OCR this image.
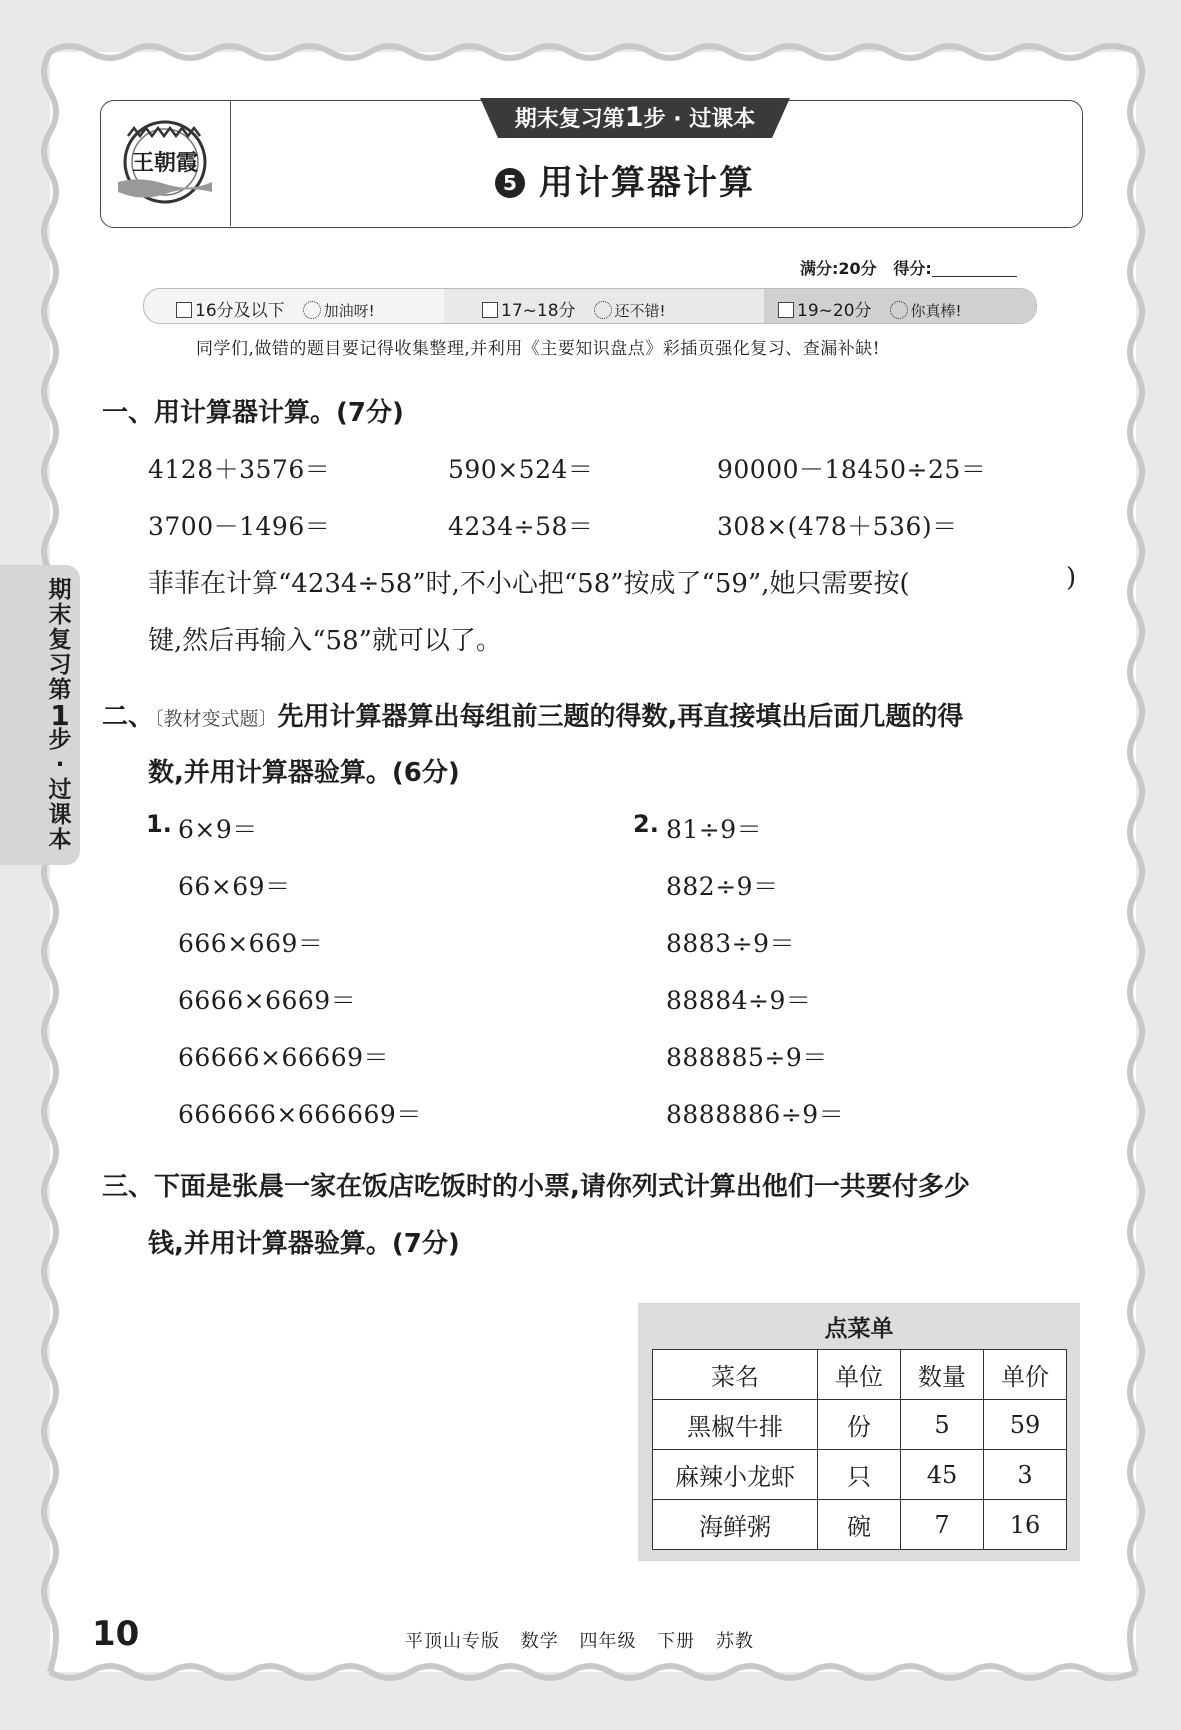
王朝霞
期末复习第1步 · 过课本
5 用计算器计算
满分:20分 得分:
16分及以下	加油呀!	17~18分	还不错!	19~20分	你真棒!
同学们,做错的题目要记得收集整理,并利用《主要知识盘点》彩插页强化复习、查漏补缺!
期
末
复
习
第
1
步
·
过
课
本
一、用计算器计算。(7分)
4128＋3576＝	590×524＝	90000－18450÷25＝
3700－1496＝	4234÷58＝	308×(478＋536)＝
菲菲在计算“4234÷58”时,不小心把“58”按成了“59”,她只需要按(	)
键,然后再输入“58”就可以了。
二、〔教材变式题〕先用计算器算出每组前三题的得数,再直接填出后面几题的得
数,并用计算器验算。(6分)
1. 6×9＝
66×69＝
666×669＝
6666×6669＝
66666×66669＝
666666×666669＝
2. 81÷9＝
882÷9＝
8883÷9＝
88884÷9＝
888885÷9＝
8888886÷9＝
三、下面是张晨一家在饭店吃饭时的小票,请你列式计算出他们一共要付多少
钱,并用计算器验算。(7分)
点菜单
菜名	单位	数量	单价
黑椒牛排	份	5	59
麻辣小龙虾	只	45	3
海鲜粥	碗	7	16
10	平顶山专版 数学 四年级 下册 苏教
